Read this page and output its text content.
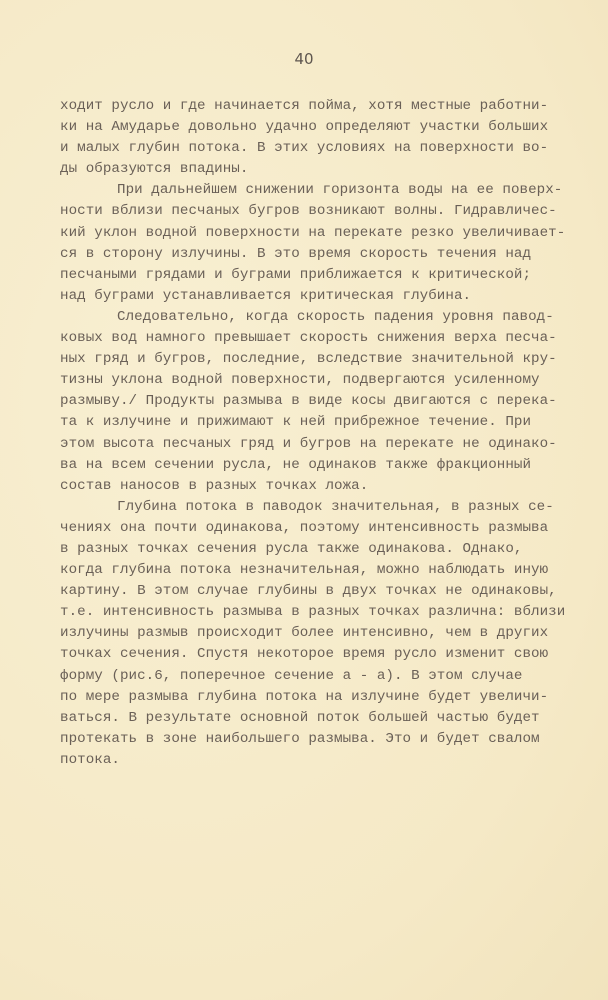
40
ходит русло и где начинается пойма, хотя местные работни-
ки на Амударье довольно удачно определяют участки больших
и малых глубин потока. В этих условиях на поверхности во-
ды образуются впадины.
При дальнейшем снижении горизонта воды на ее поверх-
ности вблизи песчаных бугров возникают волны. Гидравличес-
кий уклон водной поверхности на перекате резко увеличивает-
ся в сторону излучины. В это время скорость течения над
песчаными грядами и буграми приближается к критической;
над буграми устанавливается критическая глубина.
Следовательно, когда скорость падения уровня павод-
ковых вод намного превышает скорость снижения верха песча-
ных гряд и бугров, последние, вследствие значительной кру-
тизны уклона водной поверхности, подвергаются усиленному
размыву./ Продукты размыва в виде косы двигаются с перека-
та к излучине и прижимают к ней прибрежное течение. При
этом высота песчаных гряд и бугров на перекате не одинако-
ва на всем сечении русла, не одинаков также фракционный
состав наносов в разных точках ложа.
Глубина потока в паводок значительная, в разных се-
чениях она почти одинакова, поэтому интенсивность размыва
в разных точках сечения русла также одинакова. Однако,
когда глубина потока незначительная, можно наблюдать иную
картину. В этом случае глубины в двух точках не одинаковы,
т.е. интенсивность размыва в разных точках различна: вблизи
излучины размыв происходит более интенсивно, чем в других
точках сечения. Спустя некоторое время русло изменит свою
форму (рис.6, поперечное сечение а - а). В этом случае
по мере размыва глубина потока на излучине будет увеличи-
ваться. В результате основной поток большей частью будет
протекать в зоне наибольшего размыва. Это и будет свалом
потока.
